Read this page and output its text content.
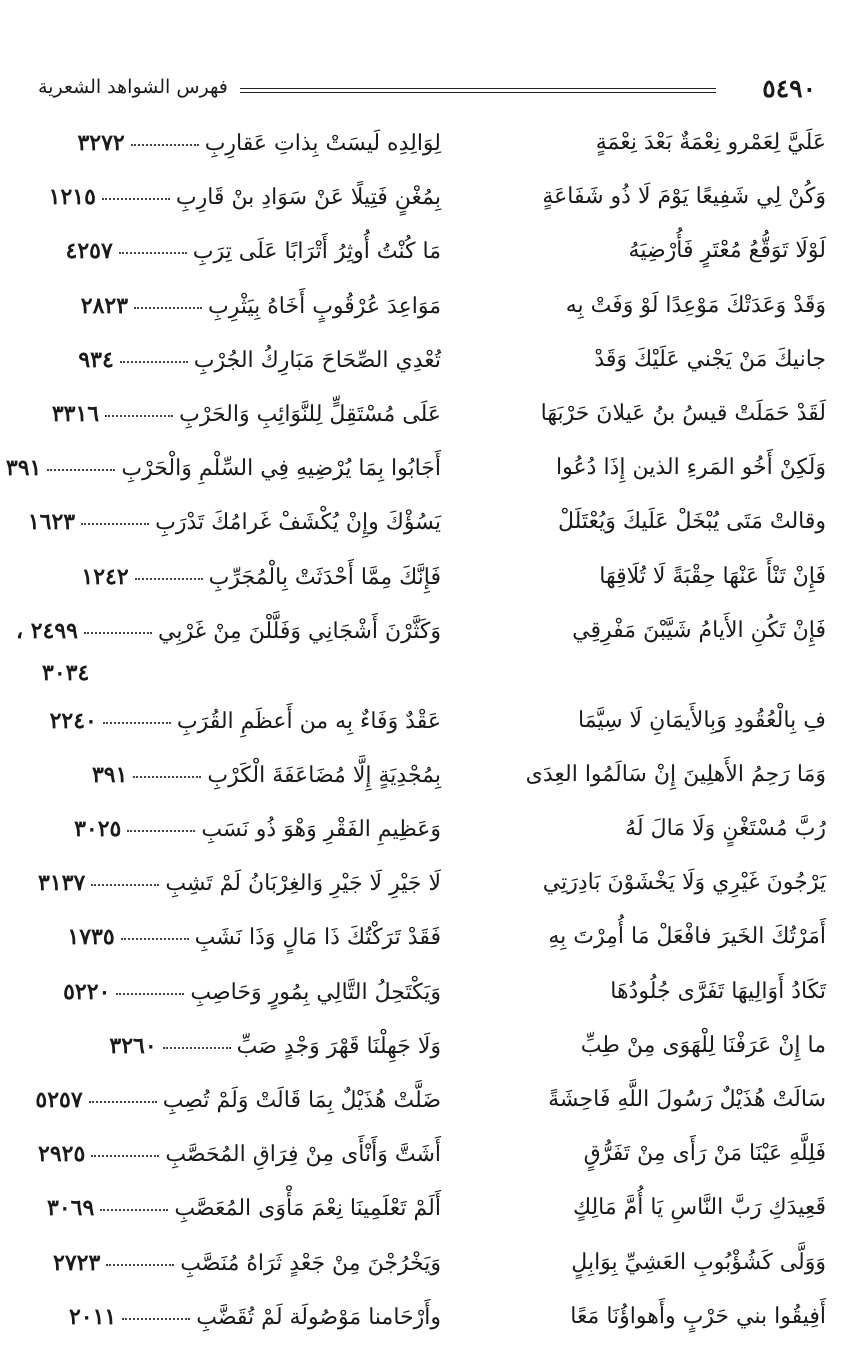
٥٤٩٠
فهرس الشواهد الشعرية
عَلَيَّ لِعَمْرو نِعْمَةٌ بَعْدَ نِعْمَةٍ
لِوَالِدِه لَيسَتْ بِذاتِ عَقارِبِ٣٢٧٢
وَكُنْ لِي شَفِيعًا يَوْمَ لَا ذُو شَفَاعَةٍ
بِمُغْنٍ فَتِيلًا عَنْ سَوَادِ بنْ قَارِبِ١٢١٥
لَوْلَا تَوَقُّعُ مُعْتَرٍ فَأُرْضِيَهُ
مَا كُنْتُ أُوثِرُ أَتْرَابًا عَلَى تِرَبِ٤٢٥٧
وَقَدْ وَعَدَتْكَ مَوْعِدًا لَوْ وَفَتْ بِه
مَوَاعِدَ عُرْقُوبٍ أَخَاهُ بِيَثْرِبِ٢٨٢٣
جانيكَ مَنْ يَجْني عَلَيْكَ وَقَدْ
تُعْدِي الصِّحَاحَ مَبَارِكُ الجُرْبِ٩٣٤
لَقَدْ حَمَلَتْ قيسُ بنُ عَيلانَ حَرْبَهَا
عَلَى مُسْتَقِلٍّ لِلنَّوَائِبِ وَالحَرْبِ٣٣١٦
وَلَكِنْ أَخُو المَرءِ الذين إِذَا دُعُوا
أَجَابُوا بِمَا يُرْضِيهِ فِي السِّلْمِ وَالْحَرْبِ٣٩١
وقالتْ مَتَى يُبْخَلْ عَلَيكَ وَيُعْتَلَلْ
يَسُؤْكَ وإِنْ يُكْشَفْ غَرامُكَ تَدْرَبِ١٦٢٣
فَإِنْ تَنْأَ عَنْهَا حِقْبَةً لَا تُلَاقِهَا
فَإِنَّكَ مِمَّا أَحْدَثَتْ بِالْمُجَرِّبِ١٢٤٢
فَإِنْ تَكُنِ الأَيامُ شَيَّبْنَ مَفْرِقِي
وَكَثَّرْنَ أَشْجَانِي وَفَلَّلْنَ مِنْ غَرْبِي٢٤٩٩ ،
٣٠٣٤
فِ بِالْعُقُودِ وَبِالأَيمَانِ لَا سِيَّمَا
عَقْدٌ وَفَاءٌ بِه من أَعظَمِ القُرَبِ٢٢٤٠
وَمَا رَحِمُ الأَهلِينَ إِنْ سَالَمُوا العِدَى
بِمُجْدِيَةٍ إِلَّا مُضَاعَفَةَ الْكَرْبِ٣٩١
رُبَّ مُسْتَغْنٍ وَلَا مَالَ لَهُ
وَعَظِيمِ الفَقْرِ وَهْوَ ذُو نَسَبِ٣٠٢٥
يَرْجُونَ غَيْرِي وَلَا يَخْشَوْنَ بَادِرَتِي
لَا جَيْرِ لَا جَيْرِ وَالغِرْبَانُ لَمْ تَشِبِ٣١٣٧
أَمَرْتُكَ الخَيرَ فافْعَلْ مَا أُمِرْتَ بِهِ
فَقَدْ تَرَكْتُكَ ذَا مَالٍ وَذَا نَشَبِ١٧٣٥
تَكَادُ أَوَالِيهَا تَفَرَّى جُلُودُهَا
وَيَكْتَحِلُ التَّالِي بِمُورٍ وَحَاصِبِ٥٢٢٠
ما إِنْ عَرَفْنَا لِلْهَوَى مِنْ طِبِّ
وَلَا جَهِلْنَا قَهْرَ وَجْدٍ صَبِّ٣٢٦٠
سَالَتْ هُذَيْلٌ رَسُولَ اللَّهِ فَاحِشَةً
ضَلَّتْ هُذَيْلٌ بِمَا قَالَتْ وَلَمْ تُصِبِ٥٢٥٧
فَلِلَّهِ عَيْنَا مَنْ رَأَى مِنْ تَفَرُّقٍ
أَشَتَّ وَأَنْأَى مِنْ فِرَاقِ المُحَصَّبِ٢٩٢٥
قَعِيدَكِ رَبَّ النَّاسِ يَا أُمَّ مَالِكٍ
أَلَمْ تَعْلَمِينَا نِعْمَ مَأْوَى المُعَصَّبِ٣٠٦٩
وَوَلَّى كَشُؤْبُوبِ العَشِيِّ بِوَابِلٍ
وَيَخْرُجْنَ مِنْ جَعْدٍ ثَرَاهُ مُنَصَّبِ٢٧٢٣
أَفِيقُوا بني حَرْبٍ وأَهواؤُنَا مَعًا
وأَرْحَامنا مَوْصُولَة لَمْ تُقَضَّبِ٢٠١١
